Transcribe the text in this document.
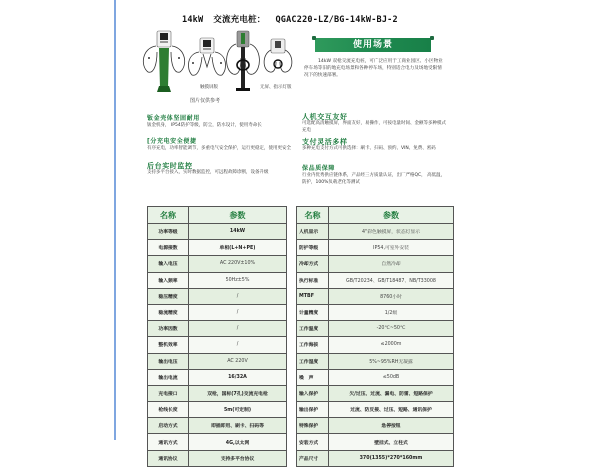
14kW 交流充电桩： QGAC220-LZ/BG-14kW-BJ-2
触摸屏版	无屏、指示灯版
图片仅供参考
使用场景
14kW 双枪交流充电桩，可广泛应用于工商业园区、小区物业停车场等旧的地充电场景和各种停车场，特别适合电力及场地受限情况下的快速部署。
钣金壳体坚固耐用

钣金机身， IP54防护等级，防尘，防水设计，使用寿命长

[分充电安全便捷

有序充电，功率智能调节，多重电气安全保护，运行更稳定，使用更安全

后台实时监控

支持多平台接入，实时数据监控，可远程故障诊断，设备升级

人机交互友好

可选配高清触摸屏，界面友好，易操作，可按电量时间、金额等多种模式充电

支付灵活多样

多种充电支付方式可供选择：刷卡、扫码、预约、VIN、免费、密码

保品质保障

行业内优秀供应链体系，产品经三方质量认证，出厂严格QC， 高低温，防护，100%负载老化等测试

名称	参数
功率等级	14kW
电源接数	单相(L+N+PE)
输入电压	AC 220V±10%
输入频率	50Hz±5%
稳压精度	/
稳流精度	/
功率因数	/
整机效率	/
输出电压	AC 220V
输出电流	16/32A
充电接口	双枪，国标(7孔)交流充电枪
枪线长度	5m(可定制)
启动方式	即插即用、刷卡、扫码等
通讯方式	4G,以太网
通讯协议	支持多平台协议
名称	参数
人机显示	4"彩色触摸屏，状态灯显示
防护等级	IP54,可室外安装
冷却方式	自然冷却
执行标准	GB/T20234、GB/T18487、NB/T33008
MTBF	8760小时
计量精度	1/2级
工作温度	-20℃~50℃
工作海拔	≤2000m
工作湿度	5%~95%RH无凝露
噪　声	≤50dB
输入保护	欠/过压、过流、漏电、防雷、短路保护
输出保护	过流、防反接、过压、短路、通讯保护
特殊保护	急停按钮
安装方式	壁挂式、立柱式
产品尺寸	370(1355)*270*160mm
